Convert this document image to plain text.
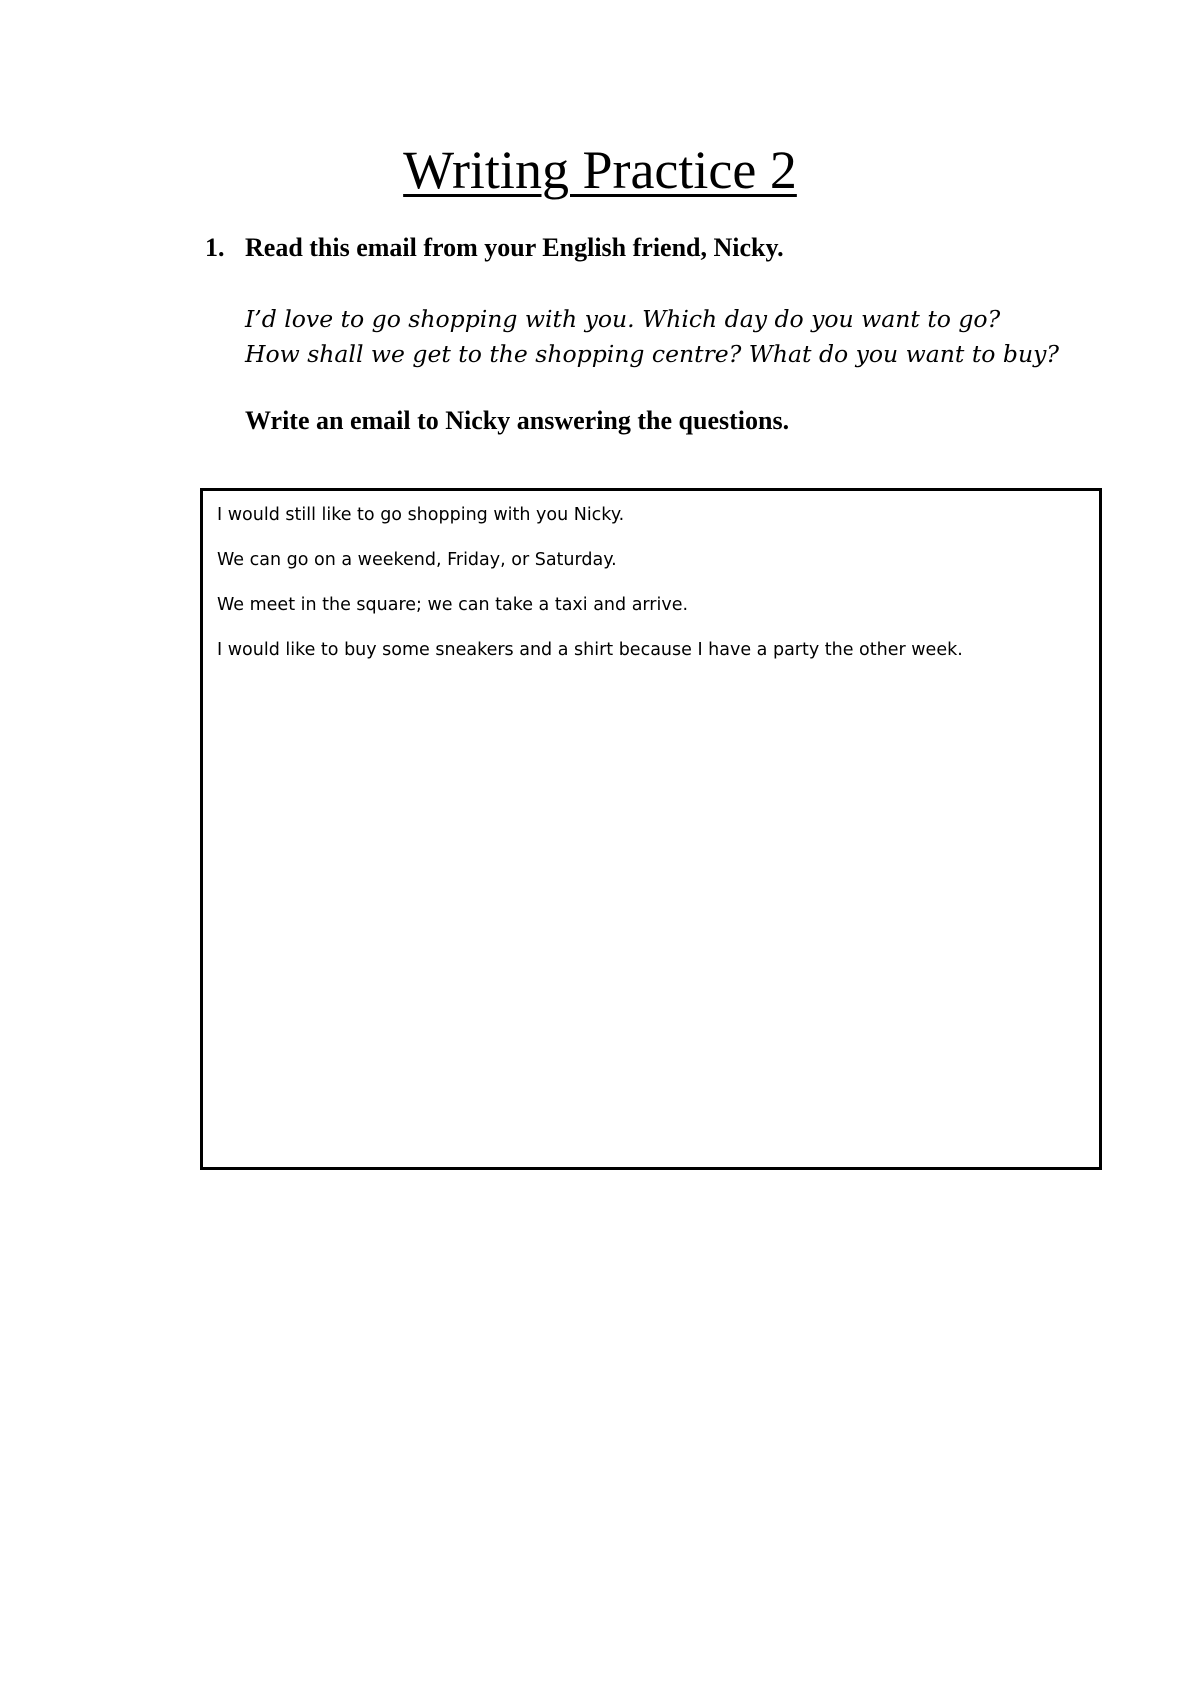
Writing Practice 2
1. Read this email from your English friend, Nicky.
I’d love to go shopping with you. Which day do you want to go?
How shall we get to the shopping centre? What do you want to buy?
Write an email to Nicky answering the questions.

I would still like to go shopping with you Nicky.

We can go on a weekend, Friday, or Saturday.

We meet in the square; we can take a taxi and arrive.

I would like to buy some sneakers and a shirt because I have a party the other week.
